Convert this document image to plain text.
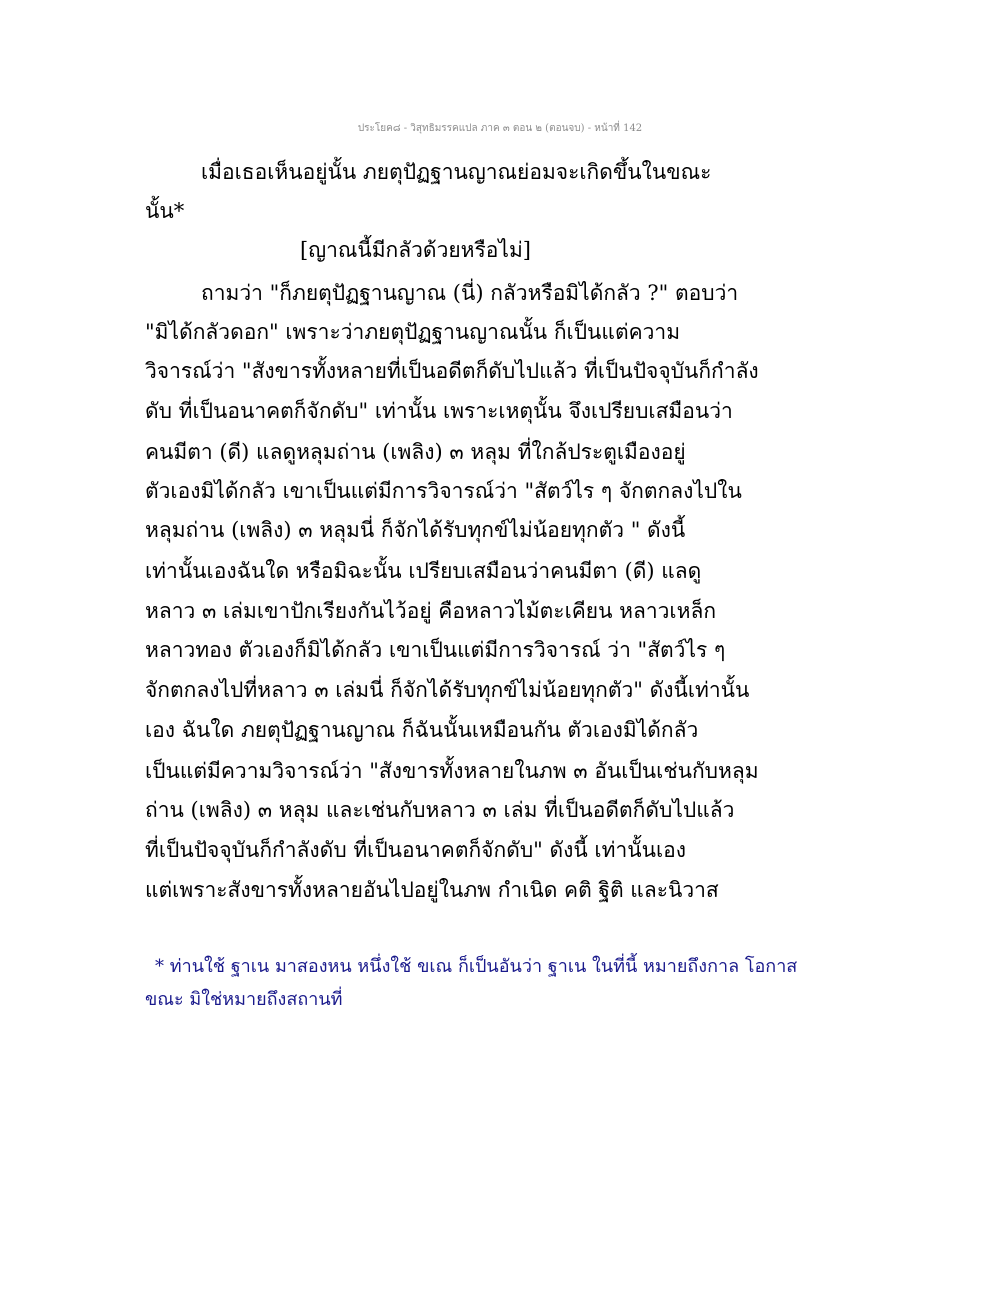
ประโยค๘ - วิสุทธิมรรคแปล ภาค ๓ ตอน ๒ (ตอนจบ) - หน้าที่ 142
เมื่อเธอเห็นอยู่นั้น ภยตุปัฏฐานญาณย่อมจะเกิดขึ้นในขณะ
นั้น*
[ญาณนี้มีกลัวด้วยหรือไม่]
ถามว่า "ก็ภยตุปัฏฐานญาณ (นี่) กลัวหรือมิได้กลัว ?" ตอบว่า
"มิได้กลัวดอก" เพราะว่าภยตุปัฏฐานญาณนั้น ก็เป็นแต่ความ
วิจารณ์ว่า "สังขารทั้งหลายที่เป็นอดีตก็ดับไปแล้ว ที่เป็นปัจจุบันก็กำลัง
ดับ ที่เป็นอนาคตก็จักดับ" เท่านั้น เพราะเหตุนั้น จึงเปรียบเสมือนว่า
คนมีตา (ดี) แลดูหลุมถ่าน (เพลิง) ๓ หลุม ที่ใกล้ประตูเมืองอยู่
ตัวเองมิได้กลัว เขาเป็นแต่มีการวิจารณ์ว่า "สัตว์ไร ๆ จักตกลงไปใน
หลุมถ่าน (เพลิง) ๓ หลุมนี่ ก็จักได้รับทุกข์ไม่น้อยทุกตัว " ดังนี้
เท่านั้นเองฉันใด หรือมิฉะนั้น เปรียบเสมือนว่าคนมีตา (ดี) แลดู
หลาว ๓ เล่มเขาปักเรียงกันไว้อยู่ คือหลาวไม้ตะเคียน หลาวเหล็ก
หลาวทอง ตัวเองก็มิได้กลัว เขาเป็นแต่มีการวิจารณ์ ว่า "สัตว์ไร ๆ
จักตกลงไปที่หลาว ๓ เล่มนี่ ก็จักได้รับทุกข์ไม่น้อยทุกตัว" ดังนี้เท่านั้น
เอง ฉันใด ภยตุปัฏฐานญาณ ก็ฉันนั้นเหมือนกัน ตัวเองมิได้กลัว
เป็นแต่มีความวิจารณ์ว่า "สังขารทั้งหลายในภพ ๓ อันเป็นเช่นกับหลุม
ถ่าน (เพลิง) ๓ หลุม และเช่นกับหลาว ๓ เล่ม ที่เป็นอดีตก็ดับไปแล้ว
ที่เป็นปัจจุบันก็กำลังดับ ที่เป็นอนาคตก็จักดับ" ดังนี้ เท่านั้นเอง
แต่เพราะสังขารทั้งหลายอันไปอยู่ในภพ กำเนิด คติ ฐิติ และนิวาส
* ท่านใช้ ฐาเน มาสองหน หนึ่งใช้ ขเณ ก็เป็นอันว่า ฐาเน ในที่นี้ หมายถึงกาล โอกาส
ขณะ มิใช่หมายถึงสถานที่
